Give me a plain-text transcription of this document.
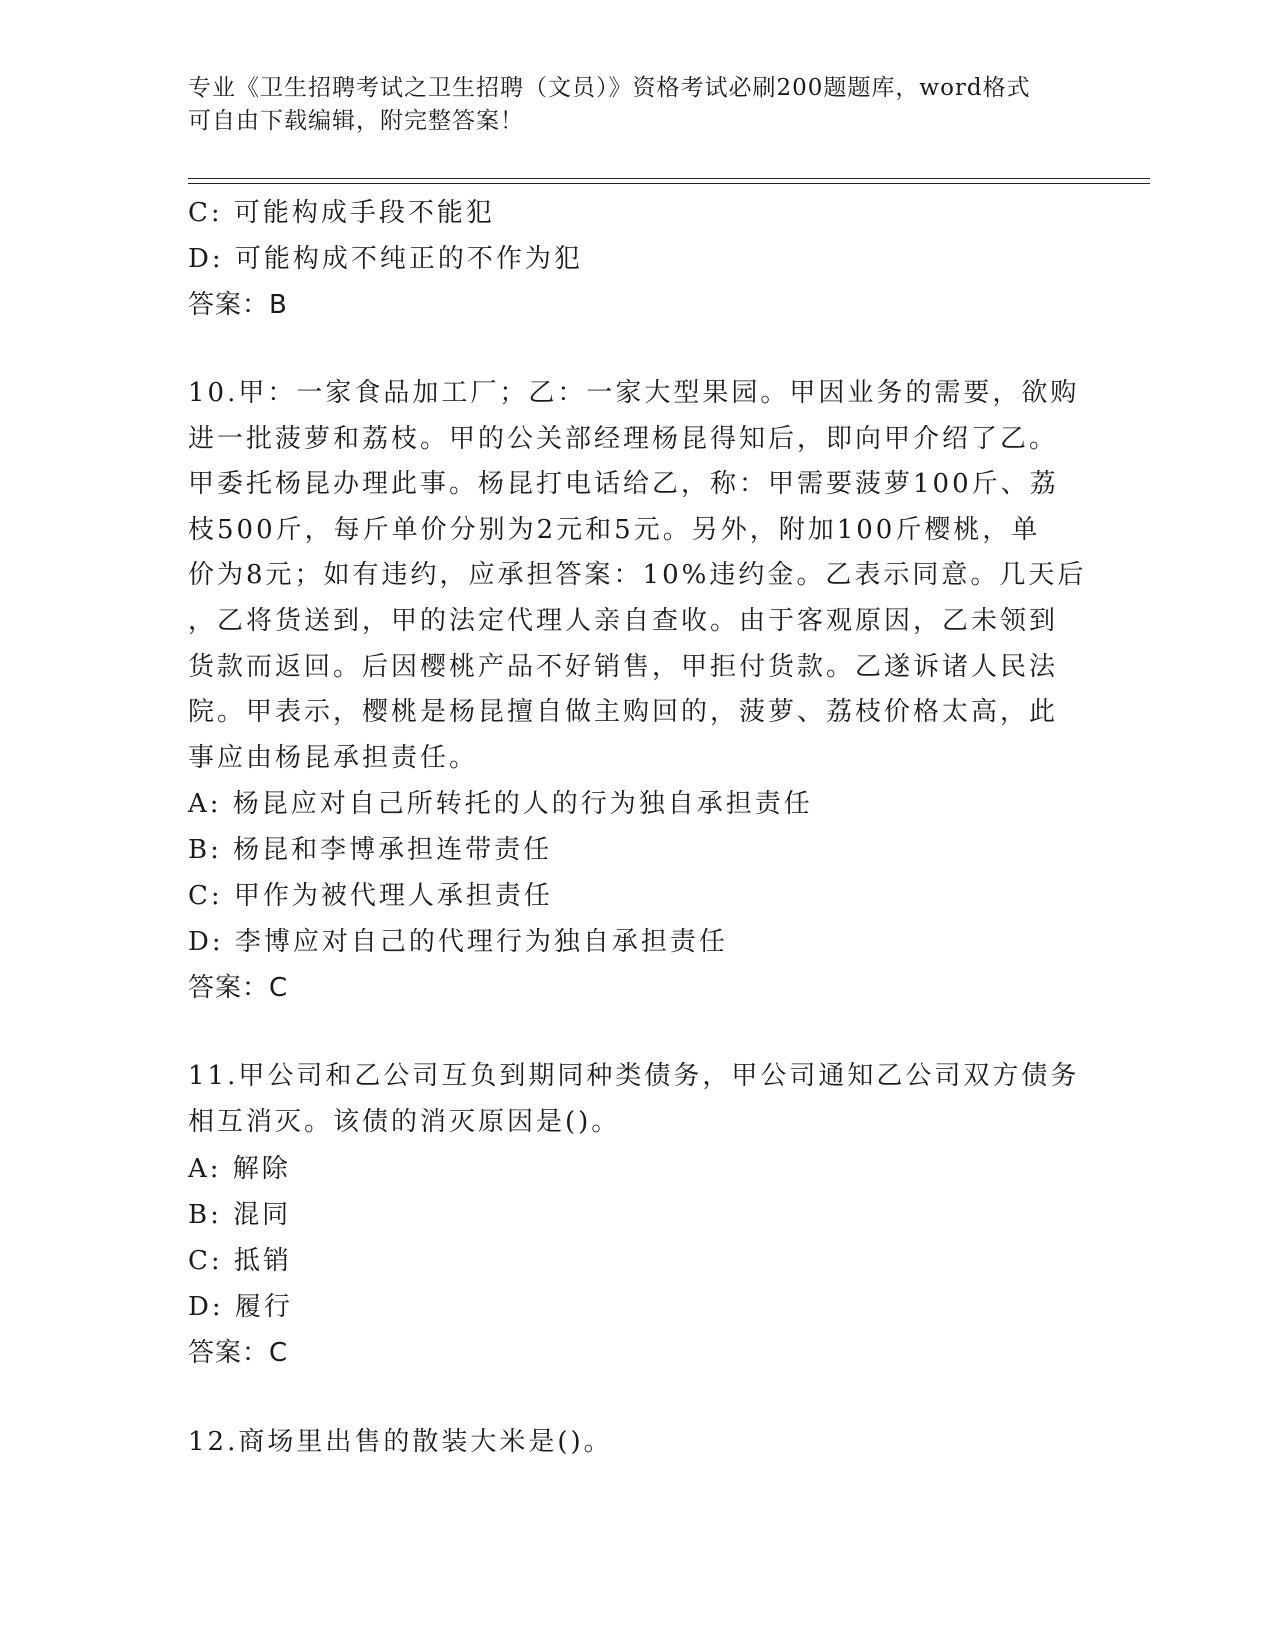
专业《卫生招聘考试之卫生招聘（文员）》资格考试必刷200题题库，word格式
可自由下载编辑，附完整答案！
C: 可能构成手段不能犯
D: 可能构成不纯正的不作为犯
答案：B
10.甲：一家食品加工厂；乙：一家大型果园。甲因业务的需要，欲购
进一批菠萝和荔枝。甲的公关部经理杨昆得知后，即向甲介绍了乙。
甲委托杨昆办理此事。杨昆打电话给乙，称：甲需要菠萝100斤、荔
枝500斤，每斤单价分别为2元和5元。另外，附加100斤樱桃，单
价为8元；如有违约，应承担答案：10%违约金。乙表示同意。几天后
，乙将货送到，甲的法定代理人亲自查收。由于客观原因，乙未领到
货款而返回。后因樱桃产品不好销售，甲拒付货款。乙遂诉诸人民法
院。甲表示，樱桃是杨昆擅自做主购回的，菠萝、荔枝价格太高，此
事应由杨昆承担责任。
A: 杨昆应对自己所转托的人的行为独自承担责任
B: 杨昆和李博承担连带责任
C: 甲作为被代理人承担责任
D: 李博应对自己的代理行为独自承担责任
答案：C
11.甲公司和乙公司互负到期同种类债务，甲公司通知乙公司双方债务
相互消灭。该债的消灭原因是()。
A: 解除
B: 混同
C: 抵销
D: 履行
答案：C
12.商场里出售的散装大米是()。
